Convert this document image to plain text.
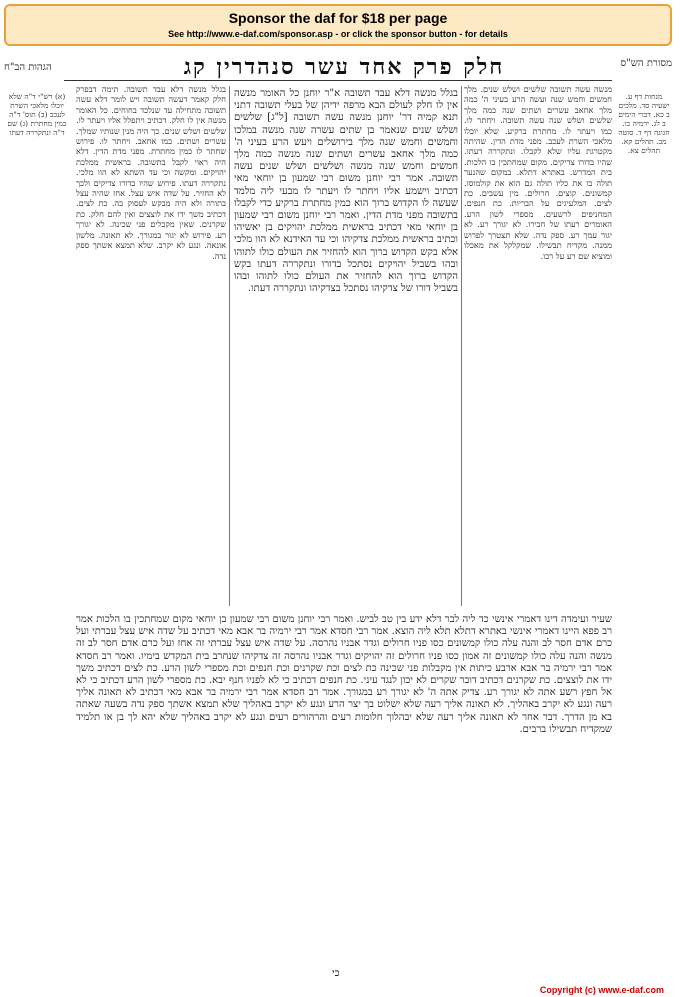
Sponsor the daf for $18 per page
See http://www.e-daf.com/sponsor.asp - or click the sponsor button - for details
מסורת הש"ס
חלק פרק אחד עשר סנהדרין קג
הגהות הב"ח
מנחות דף ע. ישעיה סד. מלכים ב כא. דברי הימים ב לג. ירמיה כו. חגיגה דף ד. סוטה מב. תהלים קא. תהלים צא.
מנשה עשה תשובה שלשים ושלש שנים. מלך חמשים וחמש שנה ועשה הרע בעיני ה' כמה מלך אחאב עשרים ושתים שנה כמה מלך שלשים ושלש שנה עשה תשובה. ויחתר לו. כמו ויעתר לו. מחתרת ברקיע. שלא יוכלו מלאכי השרת לעכב. מפני מדת הדין. שהיתה מקטרגת עליו שלא לקבלו. ונתקררה דעתו. שהיו בדורו צדיקים. מקום שמחתכין בו הלכות. בית המדרש. באתרא דתלא. במקום שהנער תולה בו את כליו תולה גם הוא את קולמוסו. קמשונים. קוצים. חרולים. מין עשבים. כת לצים. המלעיגים על הבריות. כת חנפים. המחניפים לרשעים. מספרי לשון הרע. האומרים רעתו של חבירו. לא יגורך רע. לא יגור עמך רע. ספק נדה. שלא תצטרך לפרוש ממנה. מקדיח תבשילו. שמקלקל את מאכלו ומוציא שם רע על רבו.
בגלל מנשה דלא עבד תשובה א"ר יוחנן כל האומר מנשה אין לו חלק לעולם הבא מרפה ידיהן של בעלי תשובה דתני תנא קמיה דר' יוחנן מנשה עשה תשובה [ל"ג] שלשים ושלש שנים שנאמר בן שתים עשרה שנה מנשה במלכו וחמשים וחמש שנה מלך בירושלים ויעש הרע בעיני ה' כמה מלך אחאב עשרים ושתים שנה מנשה כמה מלך חמשים וחמש שנה מנשה ושלשים ושלש שנים עשה תשובה. אמר רבי יוחנן משום רבי שמעון בן יוחאי מאי דכתיב וישמע אליו ויחתר לו ויעתר לו מבעי ליה מלמד שעשה לו הקדוש ברוך הוא כמין מחתרת ברקיע כדי לקבלו בתשובה מפני מדת הדין. ואמר רבי יוחנן משום רבי שמעון בן יוחאי מאי דכתיב בראשית ממלכת יהויקים בן יאשיהו וכתיב בראשית ממלכת צדקיהו וכי עד האידנא לא הוו מלכי אלא בקש הקדוש ברוך הוא להחזיר את העולם כולו לתוהו ובהו בשביל יהויקים נסתכל בדורו ונתקררה דעתו בקש הקדוש ברוך הוא להחזיר את העולם כולו לתוהו ובהו בשביל דורו של צדקיהו נסתכל בצדקיהו ונתקררה דעתו.
בגלל מנשה דלא עבד תשובה. תימה דבפרק חלק קאמר דעשה תשובה ויש לומר דלא עשה תשובה מתחילה עד שנלכד בחוחים. כל האומר מנשה אין לו חלק. דכתיב ויתפלל אליו ויעתר לו. שלשים ושלש שנים. כך היה מנין שנותיו שמלך. עשרים ושתים. כמו אחאב. ויחתר לו. פירוש שחתר לו כמין מחתרת. מפני מדת הדין. דלא היה ראוי לקבל בתשובה. בראשית ממלכת יהויקים. ומקשה וכי עד השתא לא הוו מלכי. נתקררה דעתו. פירוש שהיו בדורו צדיקים ולכך לא החזיר. על שדה איש עצל. אחז שהיה עצל בתורה ולא היה מבקש לעסוק בה. כת לצים. דכתיב משך ידו את לוצצים ואין להם חלק. כת שקרנים. שאין מקבלים פני שכינה. לא יגורך רע. פירוש לא יגור במגורך. לא תאונה. מלשון אונאה. ונגע לא יקרב. שלא תמצא אשתך ספק נדה.
(א) רש"י ד"ה שלא יוכלו מלאכי השרת לעכב (ב) תוס' ד"ה כמין מחתרת (ג) שם ד"ה ונתקררה דעתו
שעיר ועימדה דינו דאמרי אינשי כד ליה לבר דלא ידע בין טב לביש. ואמר רבי יוחנן משום רבי שמעון בן יוחאי מקום שמחתכין בו הלכות אמר רב פפא היינו דאמרי אינשי באתרא דתלא תלא ליה הוצא. אמר רבי חסדא אמר רבי ירמיה בר אבא מאי דכתיב על שדה איש עצל עברתי ועל כרם אדם חסר לב והנה עלה כולו קמשונים כסו פניו חרולים וגדר אבניו נהרסה. על שדה איש עצל עברתי זה אחז ועל כרם אדם חסר לב זה מנשה והנה עלה כולו קמשונים זה אמון כסו פניו חרולים זה יהויקים וגדר אבניו נהרסה זה צדקיהו שנחרב בית המקדש בימיו. ואמר רב חסדא אמר רבי ירמיה בר אבא ארבע כיתות אין מקבלות פני שכינה כת לצים וכת שקרנים וכת חנפים וכת מספרי לשון הרע. כת לצים דכתיב משך ידו את לוצצים. כת שקרנים דכתיב דובר שקרים לא יכון לנגד עיני. כת חנפים דכתיב כי לא לפניו חנף יבא. כת מספרי לשון הרע דכתיב כי לא אל חפץ רשע אתה לא יגורך רע. צדיק אתה ה' לא יגורך רע במגורך. אמר רב חסדא אמר רבי ירמיה בר אבא מאי דכתיב לא תאונה אליך רעה ונגע לא יקרב באהליך. לא תאונה אליך רעה שלא ישלוט בך יצר הרע ונגע לא יקרב באהליך שלא תמצא אשתך ספק נדה בשעה שאתה בא מן הדרך. דבר אחר לא תאונה אליך רעה שלא יבהלוך חלומות רעים והרהורים רעים ונגע לא יקרב באהליך שלא יהא לך בן או תלמיד שמקדיח תבשילו ברבים.
כי
Copyright (c) www.e-daf.com
